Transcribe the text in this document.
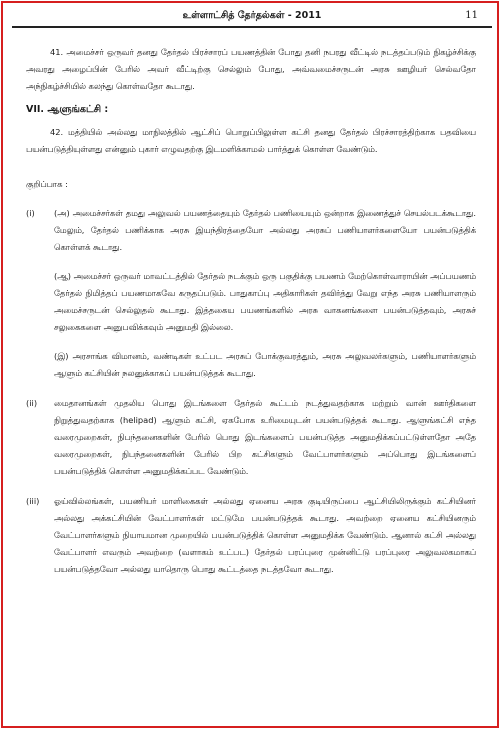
உள்ளாட்சித் தேர்தல்கள் - 2011	11

41. அமைச்சர் ஒருவர் தனது தேர்தல் பிரச்சாரப் பயணத்தின் போது தனி நபரது வீட்டில் நடத்தப்படும் நிகழ்ச்சிக்கு அவரது அழைப்பின் பேரில் அவர் வீட்டிற்கு செல்லும் போது, அவ்வமைச்சருடன் அரசு ஊழியர் செல்வதோ அந்நிகழ்ச்சியில் கலந்து கொள்வதோ கூடாது.

VII. ஆளுங்கட்சி :

42. மத்தியில் அல்லது மாநிலத்தில் ஆட்சிப் பொறுப்பிலுள்ள கட்சி தனது தேர்தல் பிரச்சாரத்திற்காக பதவியை பயன்படுத்தியுள்ளது என்னும் புகார் எழுவதற்கு இடமளிக்காமல் பார்த்துக் கொள்ள வேண்டும்.

குறிப்பாக :
(i) (அ) அமைச்சர்கள் தமது அலுவல் பயணத்தையும் தேர்தல் பணியையும் ஒன்றாக இணைத்துச் செயல்படக்கூடாது. மேலும், தேர்தல் பணிக்காக அரசு இயந்திரத்தையோ அல்லது அரசுப் பணியாளர்களையோ பயன்படுத்திக் கொள்ளக் கூடாது.

(ஆ) அமைச்சர் ஒருவர் மாவட்டத்தில் தேர்தல் நடக்கும் ஒரு பகுதிக்கு பயணம் மேற்கொள்வாராயின் அப்பயணம் தேர்தல் நிமித்தப் பயணமாகவே கருதப்படும். பாதுகாப்பு அதிகாரிகள் தவிர்த்து வேறு எந்த அரசு பணியாளரும் அமைச்சருடன் செல்லுதல் கூடாது. இத்தகைய பயணங்களில் அரசு வாகனங்களை பயன்படுத்தவும், அரசுச் சலுகைகளை அனுபவிக்கவும் அனுமதி இல்லை.

(இ) அரசாங்க விமானம், வண்டிகள் உட்பட அரசுப் போக்குவரத்தும், அரசு அலுவலர்களும், பணியாளர்களும் ஆளும் கட்சியின் நலனுக்காகப் பயன்படுத்தக் கூடாது.

(ii) மைதானங்கள் முதலிய பொது இடங்களை தேர்தல் கூட்டம் நடத்துவதற்காக மற்றும் வான் ஊர்திகளை நிறுத்துவதற்காக (helipad) ஆளும் கட்சி, ஏகபோக உரிமையுடன் பயன்படுத்தக் கூடாது. ஆளுங்கட்சி எந்த வரைமுறைகள், நிபந்தனைகளின் பேரில் பொது இடங்களைப் பயன்படுத்த அனுமதிக்கப்பட்டுள்ளதோ அதே வரைமுறைகள், நிபந்தனைகளின் பேரில் பிற கட்சிகளும் வேட்பாளர்களும் அப்பொது இடங்களைப் பயன்படுத்திக் கொள்ள அனுமதிக்கப்பட வேண்டும்.

(iii) ஓய்வில்லங்கள், பயணியர் மாளிகைகள் அல்லது ஏனைய அரசு குடியிருப்பை ஆட்சியிலிருக்கும் கட்சியினர் அல்லது அக்கட்சியின் வேட்பாளர்கள் மட்டுமே பயன்படுத்தக் கூடாது. அவற்றை ஏனைய கட்சியினரும் வேட்பாளர்களும் நியாயமான முறையில் பயன்படுத்திக் கொள்ள அனுமதிக்க வேண்டும். ஆனால் கட்சி அல்லது வேட்பாளர் எவரும் அவற்றை (வளாகம் உட்பட) தேர்தல் பரப்புரை முன்னிட்டு பரப்புரை அலுவலகமாகப் பயன்படுத்தவோ அல்லது யாதொரு பொது கூட்டத்தை நடத்தவோ கூடாது.
